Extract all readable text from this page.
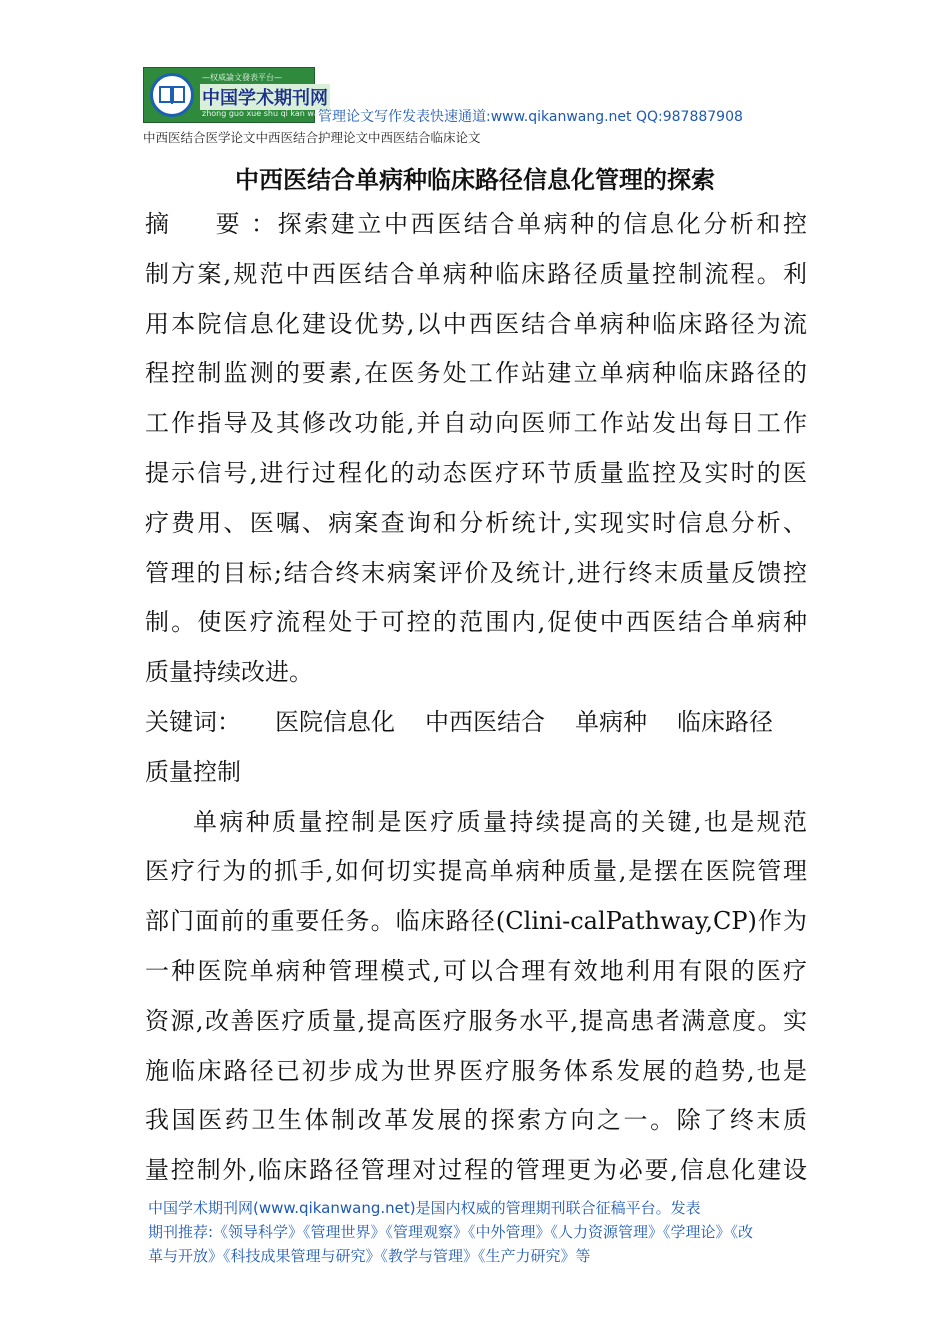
—权威論文發表平台—
中国学术期刊网
zhong guo xue shu qi kan wang
管理论文写作发表快速通道:www.qikanwang.net QQ:987887908
中西医结合医学论文中西医结合护理论文中西医结合临床论文
中西医结合单病种临床路径信息化管理的探索
摘　要：探索建立中西医结合单病种的信息化分析和控
制方案,规范中西医结合单病种临床路径质量控制流程。利
用本院信息化建设优势,以中西医结合单病种临床路径为流
程控制监测的要素,在医务处工作站建立单病种临床路径的
工作指导及其修改功能,并自动向医师工作站发出每日工作
提示信号,进行过程化的动态医疗环节质量监控及实时的医
疗费用、医嘱、病案查询和分析统计,实现实时信息分析、
管理的目标;结合终末病案评价及统计,进行终末质量反馈控
制。使医疗流程处于可控的范围内,促使中西医结合单病种
质量持续改进。
关键词： 医院信息化 中西医结合 单病种 临床路径
质量控制
单病种质量控制是医疗质量持续提高的关键,也是规范
医疗行为的抓手,如何切实提高单病种质量,是摆在医院管理
部门面前的重要任务。临床路径(Clini-calPathway,CP)作为
一种医院单病种管理模式,可以合理有效地利用有限的医疗
资源,改善医疗质量,提高医疗服务水平,提高患者满意度。实
施临床路径已初步成为世界医疗服务体系发展的趋势,也是
我国医药卫生体制改革发展的探索方向之一。除了终末质
量控制外,临床路径管理对过程的管理更为必要,信息化建设
中国学术期刊网(www.qikanwang.net)是国内权威的管理期刊联合征稿平台。发表
期刊推荐:《领导科学》《管理世界》《管理观察》《中外管理》《人力资源管理》《学理论》《改
革与开放》《科技成果管理与研究》《教学与管理》《生产力研究》等
